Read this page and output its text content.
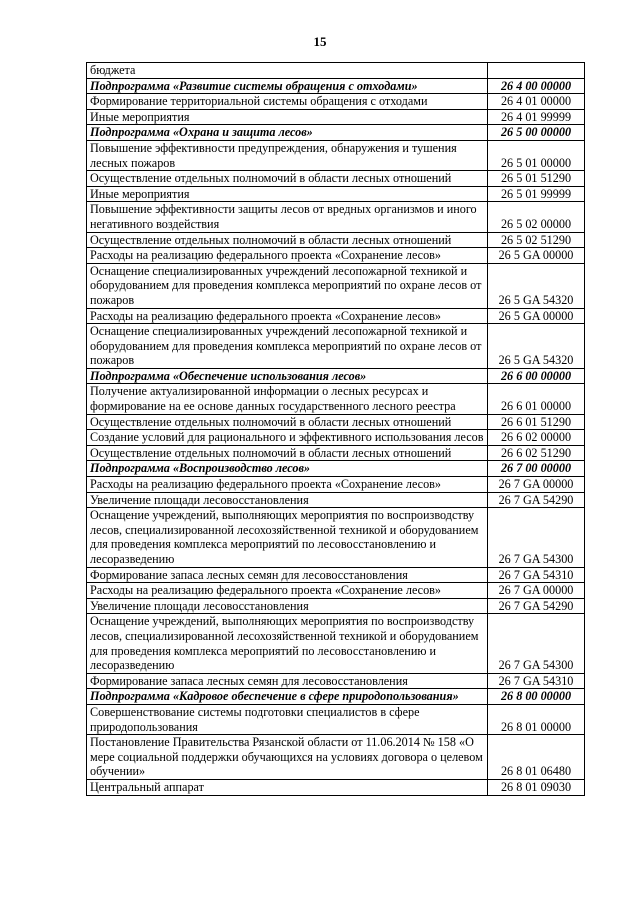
15
бюджета	
Подпрограмма «Развитие системы обращения с отходами»	26 4 00 00000
Формирование территориальной системы обращения с отходами	26 4 01 00000
Иные мероприятия	26 4 01 99999
Подпрограмма «Охрана и защита лесов»	26 5 00 00000
Повышение эффективности предупреждения, обнаружения и тушения лесных пожаров	26 5 01 00000
Осуществление отдельных полномочий в области лесных отношений	26 5 01 51290
Иные мероприятия	26 5 01 99999
Повышение эффективности защиты лесов от вредных организмов и иного негативного воздействия	26 5 02 00000
Осуществление отдельных полномочий в области лесных отношений	26 5 02 51290
Расходы на реализацию федерального проекта «Сохранение лесов»	26 5 GA 00000
Оснащение специализированных учреждений лесопожарной техникой и оборудованием для проведения комплекса мероприятий по охране лесов от пожаров	26 5 GA 54320
Расходы на реализацию федерального проекта «Сохранение лесов»	26 5 GA 00000
Оснащение специализированных учреждений лесопожарной техникой и оборудованием для проведения комплекса мероприятий по охране лесов от пожаров	26 5 GA 54320
Подпрограмма «Обеспечение использования лесов»	26 6 00 00000
Получение актуализированной информации о лесных ресурсах и формирование на ее основе данных государственного лесного реестра	26 6 01 00000
Осуществление отдельных полномочий в области лесных отношений	26 6 01 51290
Создание условий для рационального и эффективного использования лесов	26 6 02 00000
Осуществление отдельных полномочий в области лесных отношений	26 6 02 51290
Подпрограмма «Воспроизводство лесов»	26 7 00 00000
Расходы на реализацию федерального проекта «Сохранение лесов»	26 7 GA 00000
Увеличение площади лесовосстановления	26 7 GA 54290
Оснащение учреждений, выполняющих мероприятия по воспроизводству лесов, специализированной лесохозяйственной техникой и оборудованием для проведения комплекса мероприятий по лесовосстановлению и лесоразведению	26 7 GA 54300
Формирование запаса лесных семян для лесовосстановления	26 7 GA 54310
Расходы на реализацию федерального проекта «Сохранение лесов»	26 7 GA 00000
Увеличение площади лесовосстановления	26 7 GA 54290
Оснащение учреждений, выполняющих мероприятия по воспроизводству лесов, специализированной лесохозяйственной техникой и оборудованием для проведения комплекса мероприятий по лесовосстановлению и лесоразведению	26 7 GA 54300
Формирование запаса лесных семян для лесовосстановления	26 7 GA 54310
Подпрограмма «Кадровое обеспечение в сфере природопользования»	26 8 00 00000
Совершенствование системы подготовки специалистов в сфере природопользования	26 8 01 00000
Постановление Правительства Рязанской области от 11.06.2014 № 158 «О мере социальной поддержки обучающихся на условиях договора о целевом обучении»	26 8 01 06480
Центральный аппарат	26 8 01 09030
